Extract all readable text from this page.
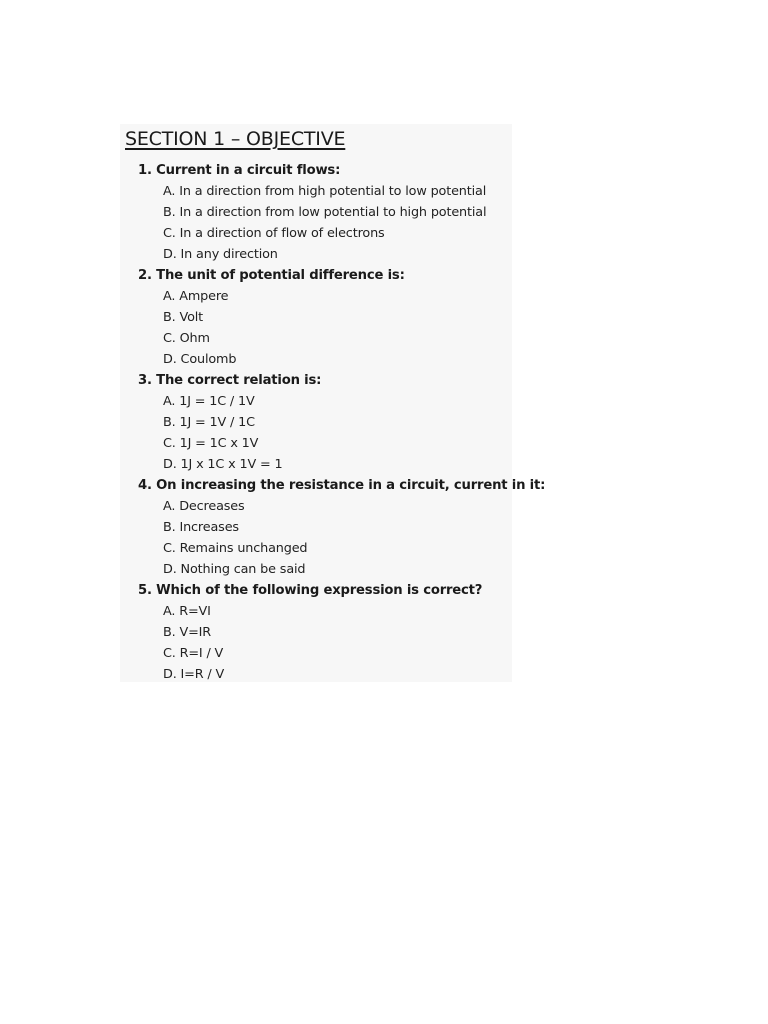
SECTION 1 – OBJECTIVE
1. Current in a circuit flows:
A. In a direction from high potential to low potential
B. In a direction from low potential to high potential
C. In a direction of flow of electrons
D. In any direction
2. The unit of potential difference is:
A. Ampere
B. Volt
C. Ohm
D. Coulomb
3. The correct relation is:
A. 1J = 1C / 1V
B. 1J = 1V / 1C
C. 1J = 1C x 1V
D. 1J x 1C x 1V = 1
4. On increasing the resistance in a circuit, current in it:
A. Decreases
B. Increases
C. Remains unchanged
D. Nothing can be said
5. Which of the following expression is correct?
A. R=VI
B. V=IR
C. R=I / V
D. I=R / V
